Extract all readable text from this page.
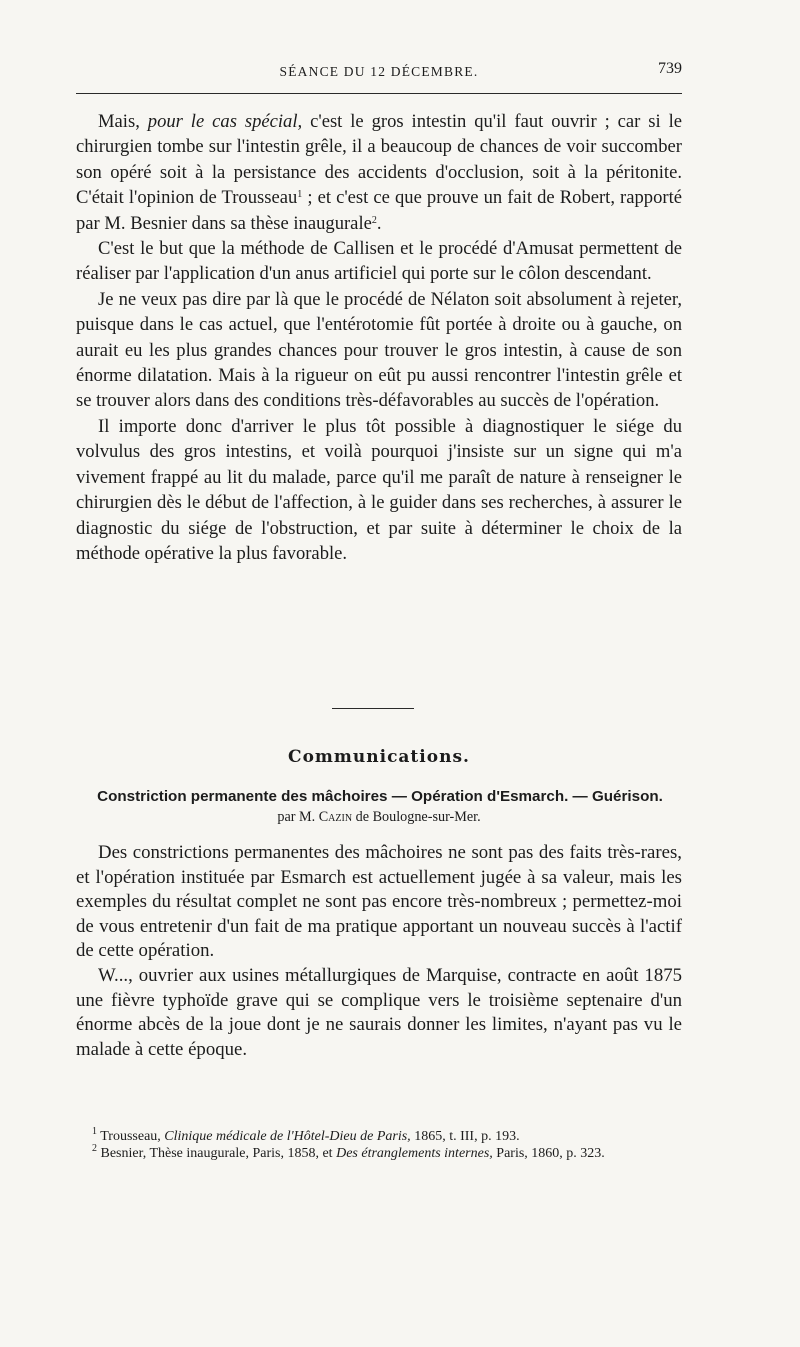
SÉANCE DU 12 DÉCEMBRE.	739

Mais, pour le cas spécial, c'est le gros intestin qu'il faut ouvrir ; car si le chirurgien tombe sur l'intestin grêle, il a beaucoup de chances de voir succomber son opéré soit à la persistance des accidents d'occlusion, soit à la péritonite. C'était l'opinion de Trousseau$^1$ ; et c'est ce que prouve un fait de Robert, rapporté par M. Besnier dans sa thèse inaugurale$^2$.

C'est le but que la méthode de Callisen et le procédé d'Amusat permettent de réaliser par l'application d'un anus artificiel qui porte sur le côlon descendant.

Je ne veux pas dire par là que le procédé de Nélaton soit absolument à rejeter, puisque dans le cas actuel, que l'entérotomie fût portée à droite ou à gauche, on aurait eu les plus grandes chances pour trouver le gros intestin, à cause de son énorme dilatation. Mais à la rigueur on eût pu aussi rencontrer l'intestin grêle et se trouver alors dans des conditions très-défavorables au succès de l'opération.

Il importe donc d'arriver le plus tôt possible à diagnostiquer le siége du volvulus des gros intestins, et voilà pourquoi j'insiste sur un signe qui m'a vivement frappé au lit du malade, parce qu'il me paraît de nature à renseigner le chirurgien dès le début de l'affection, à le guider dans ses recherches, à assurer le diagnostic du siége de l'obstruction, et par suite à déterminer le choix de la méthode opérative la plus favorable.

Communications.
Constriction permanente des mâchoires — Opération d'Esmarch. — Guérison.
par M. Cazin de Boulogne-sur-Mer.

Des constrictions permanentes des mâchoires ne sont pas des faits très-rares, et l'opération instituée par Esmarch est actuellement jugée à sa valeur, mais les exemples du résultat complet ne sont pas encore très-nombreux ; permettez-moi de vous entretenir d'un fait de ma pratique apportant un nouveau succès à l'actif de cette opération.

W..., ouvrier aux usines métallurgiques de Marquise, contracte en août 1875 une fièvre typhoïde grave qui se complique vers le troisième septenaire d'un énorme abcès de la joue dont je ne saurais donner les limites, n'ayant pas vu le malade à cette époque.

$^1$ Trousseau, Clinique médicale de l'Hôtel-Dieu de Paris, 1865, t. III, p. 193.

$^2$ Besnier, Thèse inaugurale, Paris, 1858, et Des étranglements internes, Paris, 1860, p. 323.
